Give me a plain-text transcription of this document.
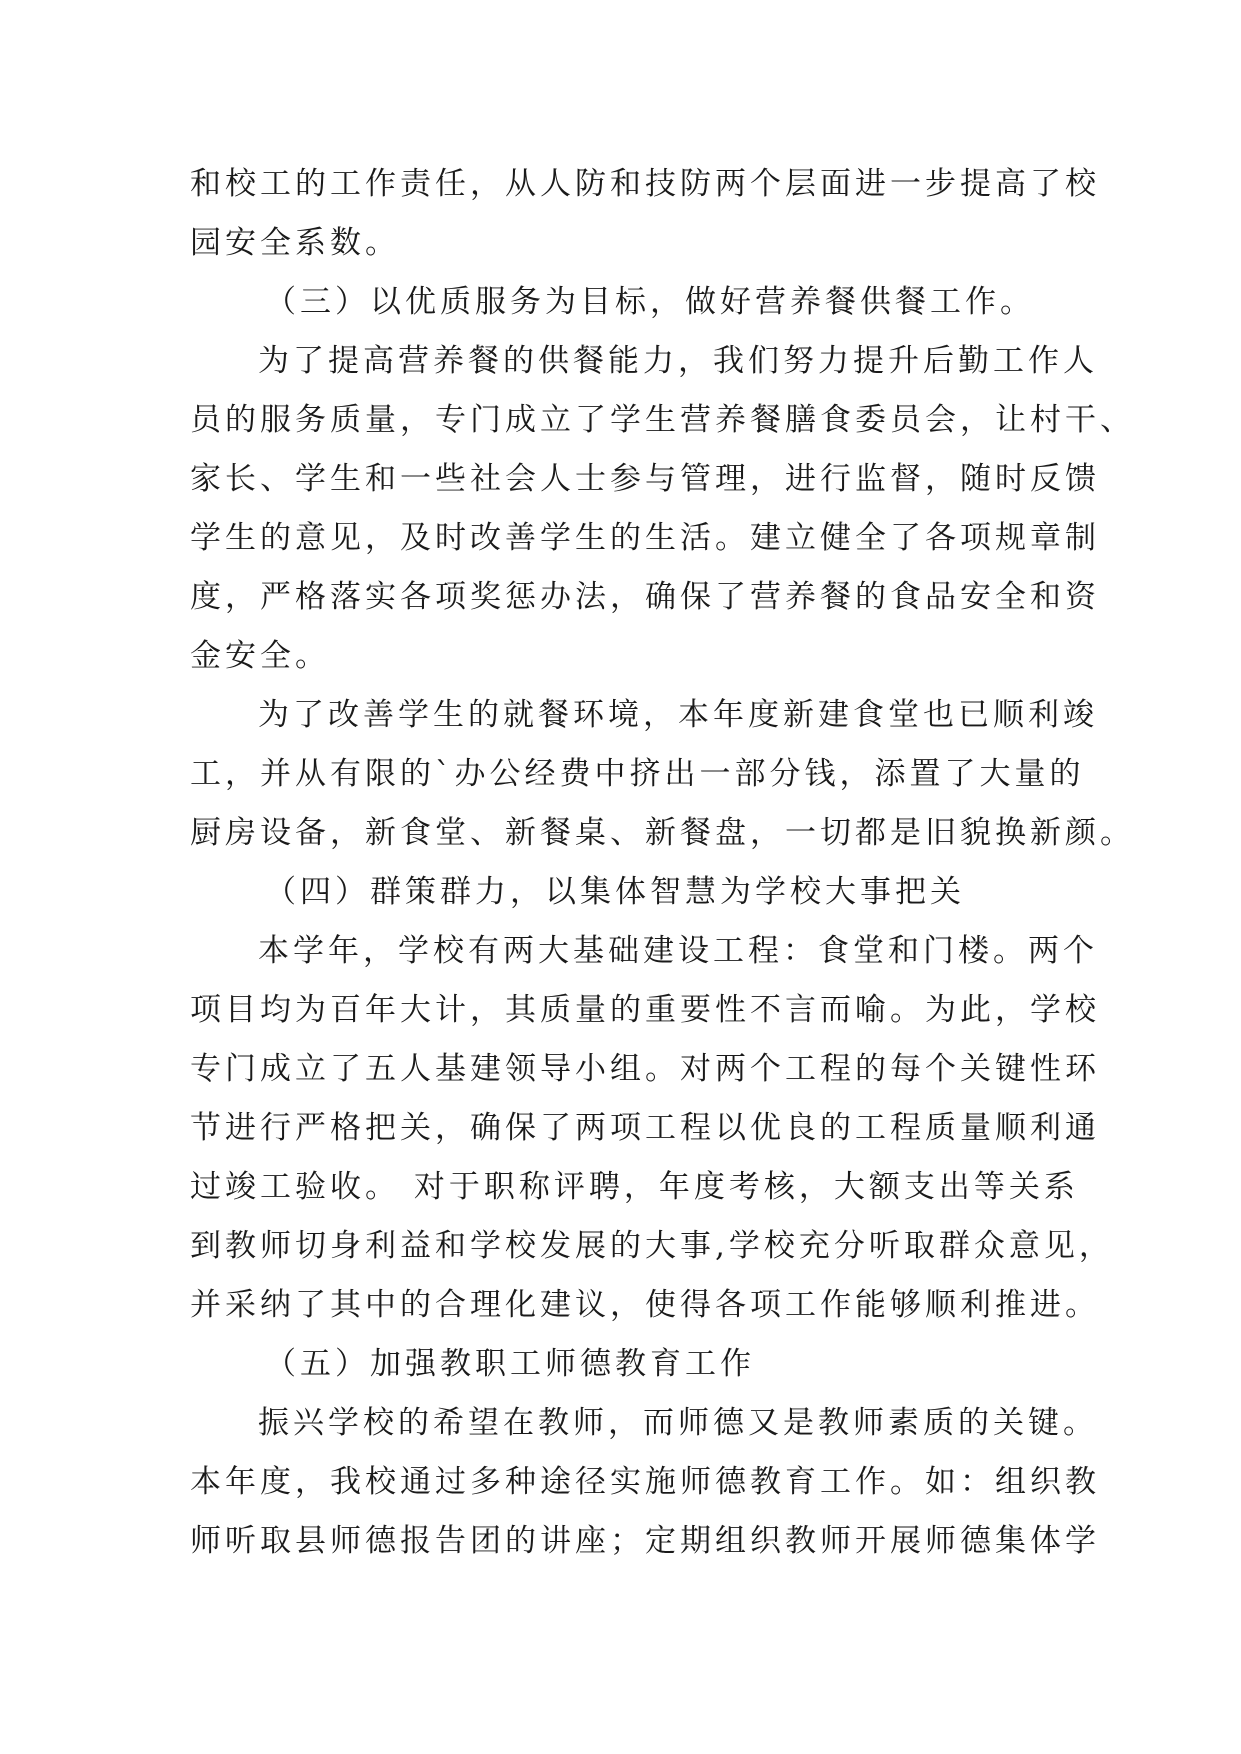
和校工的工作责任，从人防和技防两个层面进一步提高了校

园安全系数。

（三）以优质服务为目标，做好营养餐供餐工作。

为了提高营养餐的供餐能力，我们努力提升后勤工作人

员的服务质量，专门成立了学生营养餐膳食委员会，让村干、

家长、学生和一些社会人士参与管理，进行监督，随时反馈

学生的意见，及时改善学生的生活。建立健全了各项规章制

度，严格落实各项奖惩办法，确保了营养餐的食品安全和资

金安全。

为了改善学生的就餐环境，本年度新建食堂也已顺利竣

工，并从有限的`办公经费中挤出一部分钱，添置了大量的

厨房设备，新食堂、新餐桌、新餐盘，一切都是旧貌换新颜。

（四）群策群力，以集体智慧为学校大事把关

本学年，学校有两大基础建设工程：食堂和门楼。两个

项目均为百年大计，其质量的重要性不言而喻。为此，学校

专门成立了五人基建领导小组。对两个工程的每个关键性环

节进行严格把关，确保了两项工程以优良的工程质量顺利通

过竣工验收。 对于职称评聘，年度考核，大额支出等关系

到教师切身利益和学校发展的大事,学校充分听取群众意见，

并采纳了其中的合理化建议，使得各项工作能够顺利推进。

（五）加强教职工师德教育工作

振兴学校的希望在教师，而师德又是教师素质的关键。

本年度，我校通过多种途径实施师德教育工作。如：组织教

师听取县师德报告团的讲座；定期组织教师开展师德集体学
